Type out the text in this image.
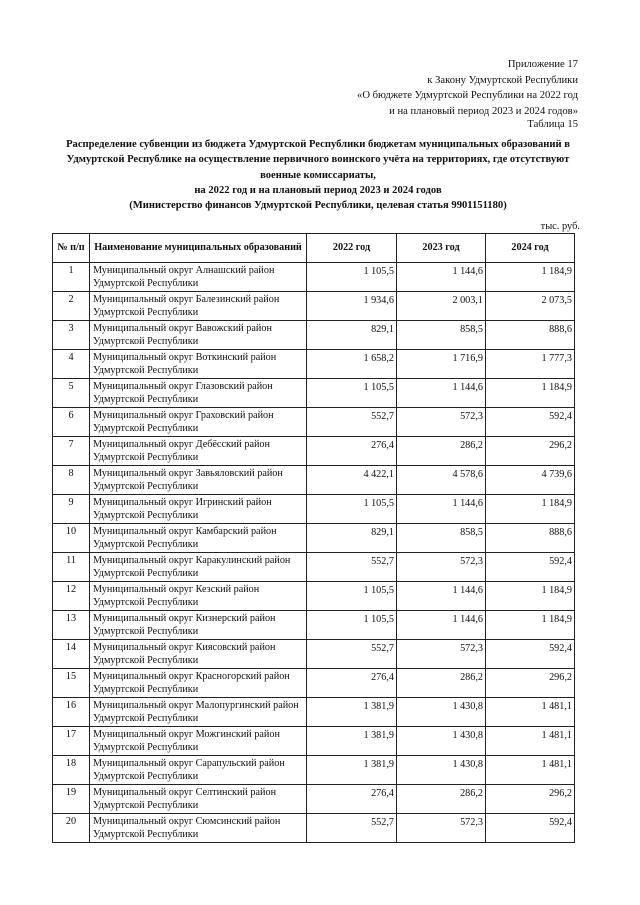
Приложение 17
к Закону Удмуртской Республики
«О бюджете Удмуртской Республики на 2022 год
и на плановый период 2023 и 2024 годов»
Таблица 15
Распределение субвенции из бюджета Удмуртской Республики бюджетам муниципальных образований в
Удмуртской Республике на осуществление первичного воинского учёта на территориях, где отсутствуют
военные комиссариаты,
на 2022 год и на плановый период 2023 и 2024 годов
(Министерство финансов Удмуртской Республики, целевая статья 9901151180)
тыс. руб.
№ п/п	Наименование муниципальных образований	2022 год	2023 год	2024 год
1	Муниципальный округ Алнашский район Удмуртской Республики	1 105,5	1 144,6	1 184,9
2	Муниципальный округ Балезинский район Удмуртской Республики	1 934,6	2 003,1	2 073,5
3	Муниципальный округ Вавожский район Удмуртской Республики	829,1	858,5	888,6
4	Муниципальный округ Воткинский район Удмуртской Республики	1 658,2	1 716,9	1 777,3
5	Муниципальный округ Глазовский район Удмуртской Республики	1 105,5	1 144,6	1 184,9
6	Муниципальный округ Граховский район Удмуртской Республики	552,7	572,3	592,4
7	Муниципальный округ Дебёсский район Удмуртской Республики	276,4	286,2	296,2
8	Муниципальный округ Завьяловский район Удмуртской Республики	4 422,1	4 578,6	4 739,6
9	Муниципальный округ Игринский район Удмуртской Республики	1 105,5	1 144,6	1 184,9
10	Муниципальный округ Камбарский район Удмуртской Республики	829,1	858,5	888,6
11	Муниципальный округ Каракулинский район Удмуртской Республики	552,7	572,3	592,4
12	Муниципальный округ Кезский район Удмуртской Республики	1 105,5	1 144,6	1 184,9
13	Муниципальный округ Кизнерский район Удмуртской Республики	1 105,5	1 144,6	1 184,9
14	Муниципальный округ Киясовский район Удмуртской Республики	552,7	572,3	592,4
15	Муниципальный округ Красногорский район Удмуртской Республики	276,4	286,2	296,2
16	Муниципальный округ Малопургинский район Удмуртской Республики	1 381,9	1 430,8	1 481,1
17	Муниципальный округ Можгинский район Удмуртской Республики	1 381,9	1 430,8	1 481,1
18	Муниципальный округ Сарапульский район Удмуртской Республики	1 381,9	1 430,8	1 481,1
19	Муниципальный округ Селтинский район Удмуртской Республики	276,4	286,2	296,2
20	Муниципальный округ Сюмсинский район Удмуртской Республики	552,7	572,3	592,4
